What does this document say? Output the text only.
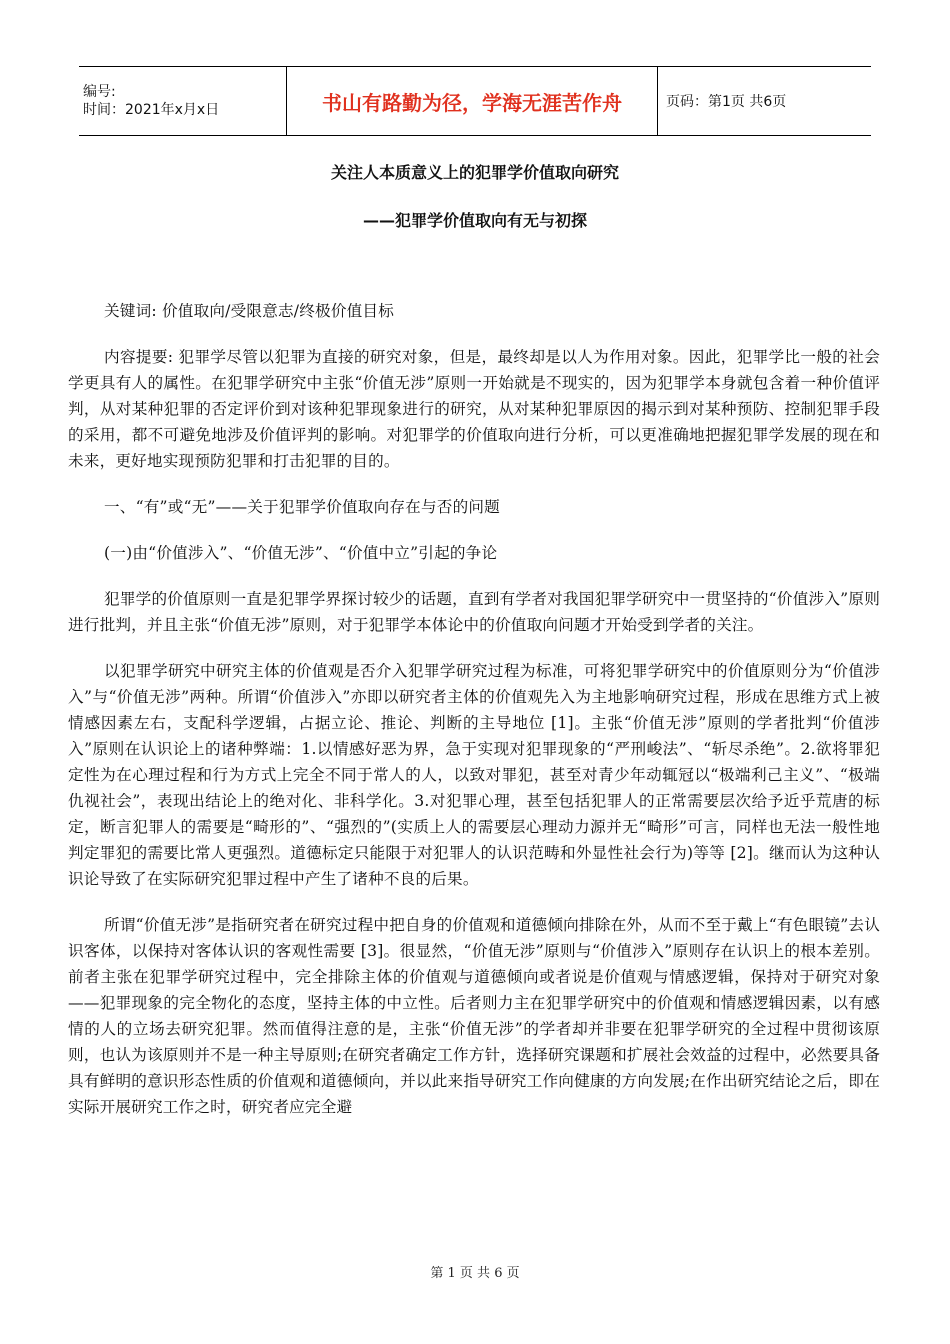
编号:
时间：2021年x月x日	书山有路勤为径，学海无涯苦作舟	页码：第1页 共6页
关注人本质意义上的犯罪学价值取向研究
——犯罪学价值取向有无与初探

关键词: 价值取向/受限意志/终极价值目标

内容提要: 犯罪学尽管以犯罪为直接的研究对象，但是，最终却是以人为作用对象。因此，犯罪学比一般的社会学更具有人的属性。在犯罪学研究中主张“价值无涉”原则一开始就是不现实的，因为犯罪学本身就包含着一种价值评判，从对某种犯罪的否定评价到对该种犯罪现象进行的研究，从对某种犯罪原因的揭示到对某种预防、控制犯罪手段的采用，都不可避免地涉及价值评判的影响。对犯罪学的价值取向进行分析，可以更准确地把握犯罪学发展的现在和未来，更好地实现预防犯罪和打击犯罪的目的。

一、“有”或“无”——关于犯罪学价值取向存在与否的问题

(一)由“价值涉入”、“价值无涉”、“价值中立”引起的争论

犯罪学的价值原则一直是犯罪学界探讨较少的话题，直到有学者对我国犯罪学研究中一贯坚持的“价值涉入”原则进行批判，并且主张“价值无涉”原则，对于犯罪学本体论中的价值取向问题才开始受到学者的关注。

以犯罪学研究中研究主体的价值观是否介入犯罪学研究过程为标准，可将犯罪学研究中的价值原则分为“价值涉入”与“价值无涉”两种。所谓“价值涉入”亦即以研究者主体的价值观先入为主地影响研究过程，形成在思维方式上被情感因素左右，支配科学逻辑，占据立论、推论、判断的主导地位 [1]。主张“价值无涉”原则的学者批判“价值涉入”原则在认识论上的诸种弊端：1.以情感好恶为界，急于实现对犯罪现象的“严刑峻法”、“斩尽杀绝”。2.欲将罪犯定性为在心理过程和行为方式上完全不同于常人的人，以致对罪犯，甚至对青少年动辄冠以“极端利己主义”、“极端仇视社会”，表现出结论上的绝对化、非科学化。3.对犯罪心理，甚至包括犯罪人的正常需要层次给予近乎荒唐的标定，断言犯罪人的需要是“畸形的”、“强烈的”(实质上人的需要层心理动力源并无“畸形”可言，同样也无法一般性地判定罪犯的需要比常人更强烈。道德标定只能限于对犯罪人的认识范畴和外显性社会行为)等等 [2]。继而认为这种认识论导致了在实际研究犯罪过程中产生了诸种不良的后果。

所谓“价值无涉”是指研究者在研究过程中把自身的价值观和道德倾向排除在外，从而不至于戴上“有色眼镜”去认识客体，以保持对客体认识的客观性需要 [3]。很显然，“价值无涉”原则与“价值涉入”原则存在认识上的根本差别。前者主张在犯罪学研究过程中，完全排除主体的价值观与道德倾向或者说是价值观与情感逻辑，保持对于研究对象——犯罪现象的完全物化的态度，坚持主体的中立性。后者则力主在犯罪学研究中的价值观和情感逻辑因素，以有感情的人的立场去研究犯罪。然而值得注意的是，主张“价值无涉”的学者却并非要在犯罪学研究的全过程中贯彻该原则，也认为该原则并不是一种主导原则;在研究者确定工作方针，选择研究课题和扩展社会效益的过程中，必然要具备具有鲜明的意识形态性质的价值观和道德倾向，并以此来指导研究工作向健康的方向发展;在作出研究结论之后，即在实际开展研究工作之时，研究者应完全避

第 1 页 共 6 页
